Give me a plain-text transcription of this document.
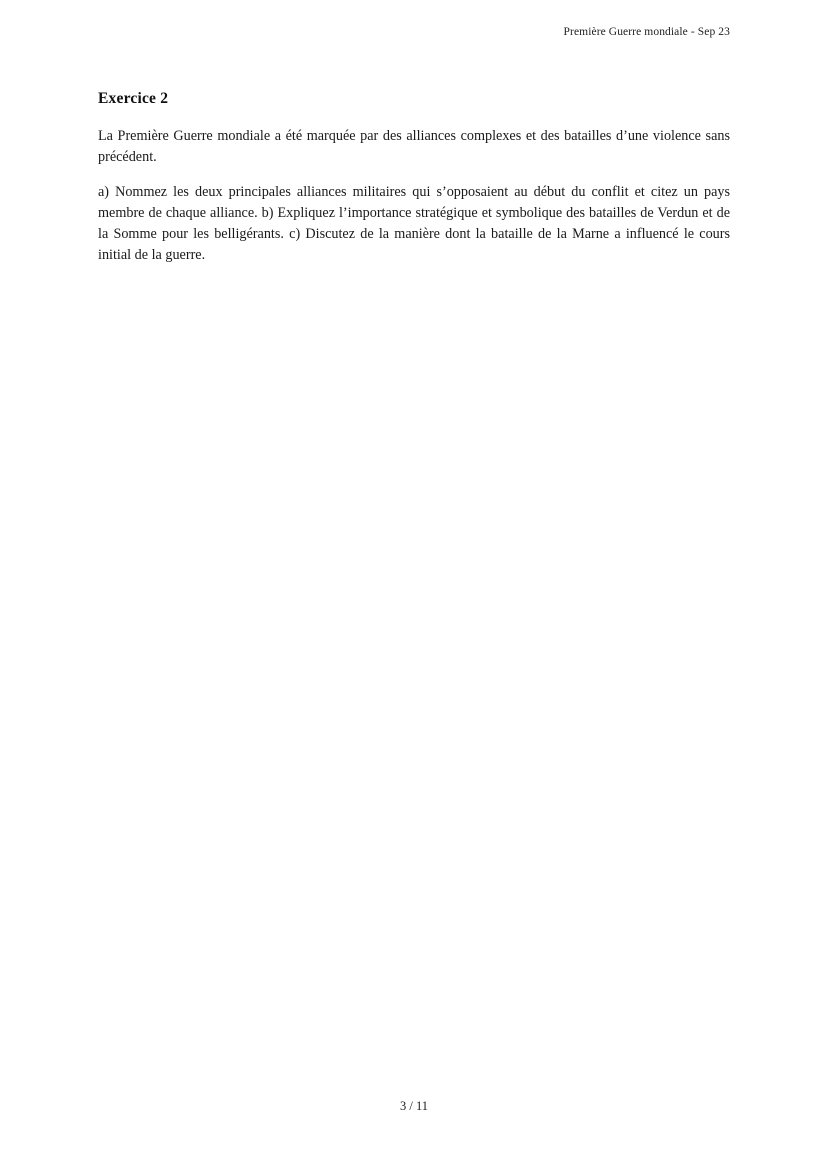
Première Guerre mondiale - Sep 23
Exercice 2

La Première Guerre mondiale a été marquée par des alliances complexes et des batailles d’une violence sans précédent.

a) Nommez les deux principales alliances militaires qui s’opposaient au début du conflit et citez un pays membre de chaque alliance. b) Expliquez l’importance stratégique et symbolique des batailles de Verdun et de la Somme pour les belligérants. c) Discutez de la manière dont la bataille de la Marne a influencé le cours initial de la guerre.

3 / 11
